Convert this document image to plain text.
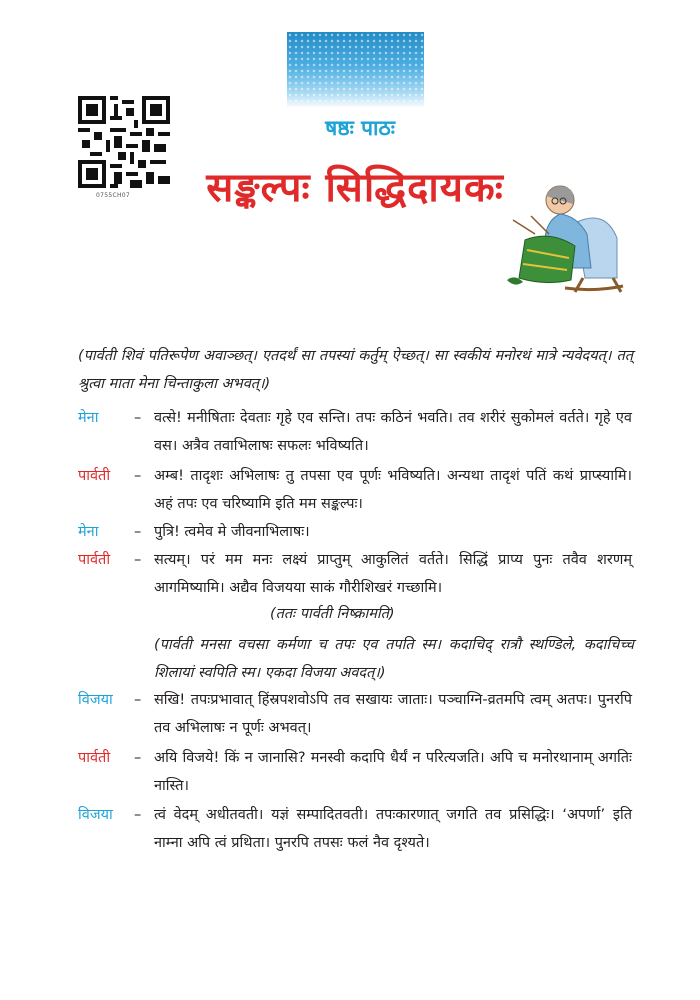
0755CH07
षष्ठः पाठः
सङ्कल्पः सिद्धिदायकः
(पार्वती शिवं पतिरूपेण अवाञ्छत्। एतदर्थं सा तपस्यां कर्तुम् ऐच्छत्। सा स्वकीयं मनोरथं मात्रे न्यवेदयत्। तत् श्रुत्वा माता मेना चिन्ताकुला अभवत्।)
मेना	– वत्से! मनीषिताः देवताः गृहे एव सन्ति। तपः कठिनं भवति। तव शरीरं सुकोमलं वर्तते। गृहे एव वस। अत्रैव तवाभिलाषः सफलः भविष्यति।
पार्वती	– अम्ब! तादृशः अभिलाषः तु तपसा एव पूर्णः भविष्यति। अन्यथा तादृशं पतिं कथं प्राप्स्यामि। अहं तपः एव चरिष्यामि इति मम सङ्कल्पः।
मेना	– पुत्रि! त्वमेव मे जीवनाभिलाषः।
पार्वती	– सत्यम्। परं मम मनः लक्ष्यं प्राप्तुम् आकुलितं वर्तते। सिद्धिं प्राप्य पुनः तवैव शरणम् आगमिष्यामि। अद्यैव विजयया साकं गौरीशिखरं गच्छामि।
(ततः पार्वती निष्क्रामति)
(पार्वती मनसा वचसा कर्मणा च तपः एव तपति स्म। कदाचिद् रात्रौ स्थण्डिले, कदाचिच्च शिलायां स्वपिति स्म। एकदा विजया अवदत्।)
विजया	– सखि! तपःप्रभावात् हिंस्रपशवोऽपि तव सखायः जाताः। पञ्चाग्नि-व्रतमपि त्वम् अतपः। पुनरपि तव अभिलाषः न पूर्णः अभवत्।
पार्वती	– अयि विजये! किं न जानासि? मनस्वी कदापि धैर्यं न परित्यजति। अपि च मनोरथानाम् अगतिः नास्ति।
विजया	– त्वं वेदम् अधीतवती। यज्ञं सम्पादितवती। तपःकारणात् जगति तव प्रसिद्धिः। ‘अपर्णा’ इति नाम्ना अपि त्वं प्रथिता। पुनरपि तपसः फलं नैव दृश्यते।
